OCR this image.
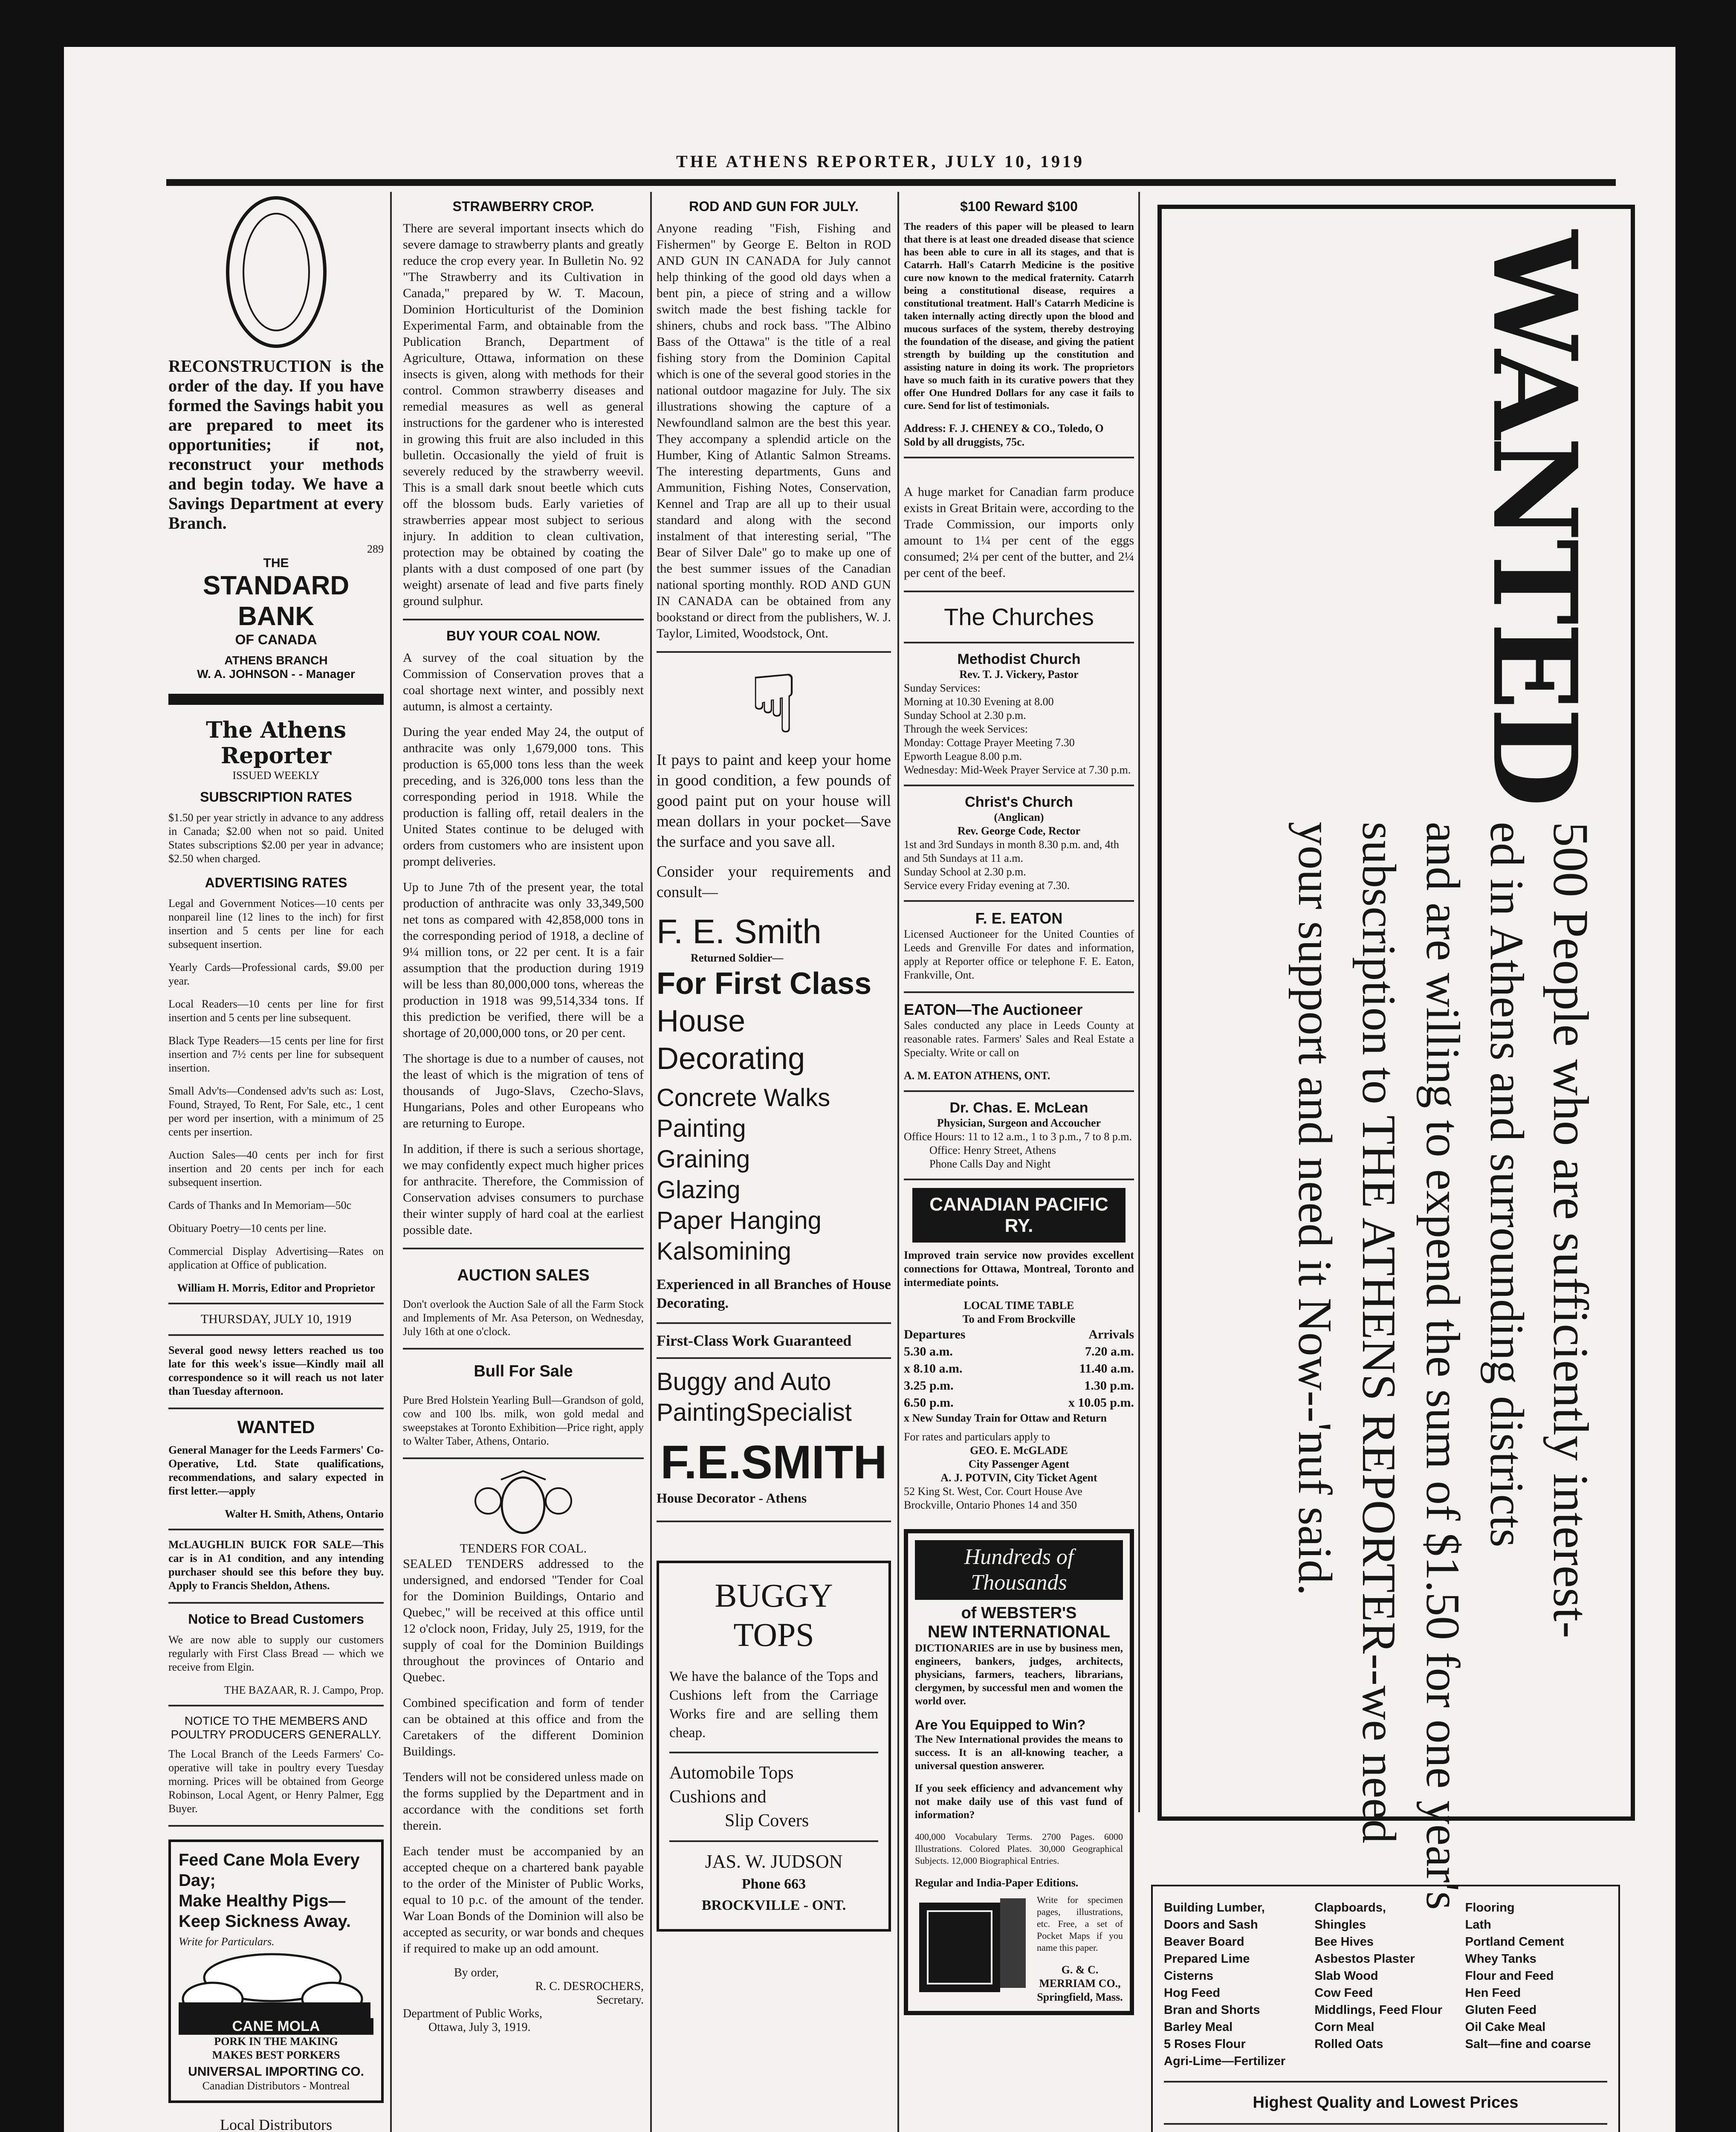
THE ATHENS REPORTER, JULY 10, 1919

RECONSTRUCTION is the order of the day. If you have formed the Savings habit you are prepared to meet its opportunities; if not, reconstruct your methods and begin today. We have a Savings Department at every Branch.

289
THE
STANDARD BANK
OF CANADA
ATHENS BRANCH
W. A. JOHNSON - - Manager
The Athens Reporter
ISSUED WEEKLY
SUBSCRIPTION RATES

$1.50 per year strictly in advance to any address in Canada; $2.00 when not so paid. United States subscriptions $2.00 per year in advance; $2.50 when charged.

ADVERTISING RATES

Legal and Government Notices—10 cents per nonpareil line (12 lines to the inch) for first insertion and 5 cents per line for each subsequent insertion.

Yearly Cards—Professional cards, $9.00 per year.

Local Readers—10 cents per line for first insertion and 5 cents per line subsequent.

Black Type Readers—15 cents per line for first insertion and 7½ cents per line for subsequent insertion.

Small Adv'ts—Condensed adv'ts such as: Lost, Found, Strayed, To Rent, For Sale, etc., 1 cent per word per insertion, with a minimum of 25 cents per insertion.

Auction Sales—40 cents per inch for first insertion and 20 cents per inch for each subsequent insertion.

Cards of Thanks and In Memoriam—50c

Obituary Poetry—10 cents per line.

Commercial Display Advertising—Rates on application at Office of publication.

William H. Morris, Editor and Proprietor
THURSDAY, JULY 10, 1919

Several good newsy letters reached us too late for this week's issue—Kindly mail all correspondence so it will reach us not later than Tuesday afternoon.

WANTED

General Manager for the Leeds Farmers' Co-Operative, Ltd. State qualifications, recommendations, and salary expected in first letter.—apply

Walter H. Smith, Athens, Ontario

McLAUGHLIN BUICK FOR SALE—This car is in A1 condition, and any intending purchaser should see this before they buy. Apply to Francis Sheldon, Athens.

Notice to Bread Customers

We are now able to supply our customers regularly with First Class Bread — which we receive from Elgin.

THE BAZAAR, R. J. Campo, Prop.
NOTICE TO THE MEMBERS AND POULTRY PRODUCERS GENERALLY.

The Local Branch of the Leeds Farmers' Co-operative will take in poultry every Tuesday morning. Prices will be obtained from George Robinson, Local Agent, or Henry Palmer, Egg Buyer.

Feed Cane Mola Every Day;
Make Healthy Pigs—
Keep Sickness Away.
Write for Particulars.
CANE MOLA
PORK IN THE MAKING
MAKES BEST PORKERS
UNIVERSAL IMPORTING CO.
Canadian Distributors - Montreal
Local Distributors
STRAWBERRY CROP.

There are several important insects which do severe damage to strawberry plants and greatly reduce the crop every year. In Bulletin No. 92 "The Strawberry and its Cultivation in Canada," prepared by W. T. Macoun, Dominion Horticulturist of the Dominion Experimental Farm, and obtainable from the Publication Branch, Department of Agriculture, Ottawa, information on these insects is given, along with methods for their control. Common strawberry diseases and remedial measures as well as general instructions for the gardener who is interested in growing this fruit are also included in this bulletin. Occasionally the yield of fruit is severely reduced by the strawberry weevil. This is a small dark snout beetle which cuts off the blossom buds. Early varieties of strawberries appear most subject to serious injury. In addition to clean cultivation, protection may be obtained by coating the plants with a dust composed of one part (by weight) arsenate of lead and five parts finely ground sulphur.

BUY YOUR COAL NOW.

A survey of the coal situation by the Commission of Conservation proves that a coal shortage next winter, and possibly next autumn, is almost a certainty.

During the year ended May 24, the output of anthracite was only 1,679,000 tons. This production is 65,000 tons less than the week preceding, and is 326,000 tons less than the corresponding period in 1918. While the production is falling off, retail dealers in the United States continue to be deluged with orders from customers who are insistent upon prompt deliveries.

Up to June 7th of the present year, the total production of anthracite was only 33,349,500 net tons as compared with 42,858,000 tons in the corresponding period of 1918, a decline of 9¼ million tons, or 22 per cent. It is a fair assumption that the production during 1919 will be less than 80,000,000 tons, whereas the production in 1918 was 99,514,334 tons. If this prediction be verified, there will be a shortage of 20,000,000 tons, or 20 per cent.

The shortage is due to a number of causes, not the least of which is the migration of tens of thousands of Jugo-Slavs, Czecho-Slavs, Hungarians, Poles and other Europeans who are returning to Europe.

In addition, if there is such a serious shortage, we may confidently expect much higher prices for anthracite. Therefore, the Commission of Conservation advises consumers to purchase their winter supply of hard coal at the earliest possible date.

AUCTION SALES

Don't overlook the Auction Sale of all the Farm Stock and Implements of Mr. Asa Peterson, on Wednesday, July 16th at one o'clock.

Bull For Sale

Pure Bred Holstein Yearling Bull—Grandson of gold, cow and 100 lbs. milk, won gold medal and sweepstakes at Toronto Exhibition—Price right, apply to Walter Taber, Athens, Ontario.

TENDERS FOR COAL.

SEALED TENDERS addressed to the undersigned, and endorsed "Tender for Coal for the Dominion Buildings, Ontario and Quebec," will be received at this office until 12 o'clock noon, Friday, July 25, 1919, for the supply of coal for the Dominion Buildings throughout the provinces of Ontario and Quebec.

Combined specification and form of tender can be obtained at this office and from the Caretakers of the different Dominion Buildings.

Tenders will not be considered unless made on the forms supplied by the Department and in accordance with the conditions set forth therein.

Each tender must be accompanied by an accepted cheque on a chartered bank payable to the order of the Minister of Public Works, equal to 10 p.c. of the amount of the tender. War Loan Bonds of the Dominion will also be accepted as security, or war bonds and cheques if required to make up an odd amount.

By order,
R. C. DESROCHERS,
Secretary.
Department of Public Works,
Ottawa, July 3, 1919.
ROD AND GUN FOR JULY.

Anyone reading "Fish, Fishing and Fishermen" by George E. Belton in ROD AND GUN IN CANADA for July cannot help thinking of the good old days when a bent pin, a piece of string and a willow switch made the best fishing tackle for shiners, chubs and rock bass. "The Albino Bass of the Ottawa" is the title of a real fishing story from the Dominion Capital which is one of the several good stories in the national outdoor magazine for July. The six illustrations showing the capture of a Newfoundland salmon are the best this year. They accompany a splendid article on the Humber, King of Atlantic Salmon Streams. The interesting departments, Guns and Ammunition, Fishing Notes, Conservation, Kennel and Trap are all up to their usual standard and along with the second instalment of that interesting serial, "The Bear of Silver Dale" go to make up one of the best summer issues of the Canadian national sporting monthly. ROD AND GUN IN CANADA can be obtained from any bookstand or direct from the publishers, W. J. Taylor, Limited, Woodstock, Ont.

☟

It pays to paint and keep your home in good condition, a few pounds of good paint put on your house will mean dollars in your pocket—Save the surface and you save all.

Consider your requirements and consult—

F. E. Smith
Returned Soldier—
For First Class
House
Decorating
Concrete Walks
Painting
Graining
Glazing
Paper Hanging
Kalsomining

Experienced in all Branches of House Decorating.

First-Class Work Guaranteed
Buggy and Auto
PaintingSpecialist
F.E.SMITH
House Decorator - Athens
BUGGY
TOPS

We have the balance of the Tops and Cushions left from the Carriage Works fire and are selling them cheap.

Automobile Tops
Cushions and
Slip Covers
JAS. W. JUDSON
Phone 663
BROCKVILLE - ONT.
$100 Reward $100

The readers of this paper will be pleased to learn that there is at least one dreaded disease that science has been able to cure in all its stages, and that is Catarrh. Hall's Catarrh Medicine is the positive cure now known to the medical fraternity. Catarrh being a constitutional disease, requires a constitutional treatment. Hall's Catarrh Medicine is taken internally acting directly upon the blood and mucous surfaces of the system, thereby destroying the foundation of the disease, and giving the patient strength by building up the constitution and assisting nature in doing its work. The proprietors have so much faith in its curative powers that they offer One Hundred Dollars for any case it fails to cure. Send for list of testimonials.

Address: F. J. CHENEY & CO., Toledo, O
Sold by all druggists, 75c.

A huge market for Canadian farm produce exists in Great Britain were, according to the Trade Commission, our imports only amount to 1¼ per cent of the eggs consumed; 2¼ per cent of the butter, and 2¼ per cent of the beef.

The Churches
Methodist Church
Rev. T. J. Vickery, Pastor
Sunday Services:
Morning at 10.30 Evening at 8.00
Sunday School at 2.30 p.m.
Through the week Services:
Monday: Cottage Prayer Meeting 7.30
Epworth League 8.00 p.m.
Wednesday: Mid-Week Prayer Service at 7.30 p.m.
Christ's Church
(Anglican)
Rev. George Code, Rector
1st and 3rd Sundays in month 8.30 p.m. and, 4th and 5th Sundays at 11 a.m.
Sunday School at 2.30 p.m.
Service every Friday evening at 7.30.
F. E. EATON

Licensed Auctioneer for the United Counties of Leeds and Grenville For dates and information, apply at Reporter office or telephone F. E. Eaton, Frankville, Ont.

EATON—The Auctioneer

Sales conducted any place in Leeds County at reasonable rates. Farmers' Sales and Real Estate a Specialty. Write or call on

A. M. EATON ATHENS, ONT.
Dr. Chas. E. McLean
Physician, Surgeon and Accoucher
Office Hours: 11 to 12 a.m., 1 to 3 p.m., 7 to 8 p.m.
Office: Henry Street, Athens
Phone Calls Day and Night
CANADIAN PACIFIC RY.

Improved train service now provides excellent connections for Ottawa, Montreal, Toronto and intermediate points.

LOCAL TIME TABLE
To and From Brockville
Departures	Arrivals
5.30 a.m.	7.20 a.m.
x 8.10 a.m.	11.40 a.m.
3.25 p.m.	1.30 p.m.
6.50 p.m.	x 10.05 p.m.
x New Sunday Train for Ottaw and Return
For rates and particulars apply to
GEO. E. McGLADE
City Passenger Agent
A. J. POTVIN, City Ticket Agent
52 King St. West, Cor. Court House Ave
Brockville, Ontario Phones 14 and 350
Hundreds of Thousands
of WEBSTER'S
NEW INTERNATIONAL

DICTIONARIES are in use by business men, engineers, bankers, judges, architects, physicians, farmers, teachers, librarians, clergymen, by successful men and women the world over.

Are You Equipped to Win?

The New International provides the means to success. It is an all-knowing teacher, a universal question answerer.

If you seek efficiency and advancement why not make daily use of this vast fund of information?

400,000 Vocabulary Terms. 2700 Pages. 6000 Illustrations. Colored Plates. 30,000 Geographical Subjects. 12,000 Biographical Entries.

Regular and India-Paper Editions.

Write for specimen pages, illustrations, etc. Free, a set of Pocket Maps if you name this paper.

G. & C. MERRIAM CO., Springfield, Mass.
WANTED
500 People who are sufficiently interest-
ed in Athens and surrounding districts
and are willing to expend the sum of $1.50 for one year's
subscription to THE ATHENS REPORTER--we need
your support and need it Now--'nuf said.
Building Lumber,
Doors and Sash
Beaver Board
Prepared Lime
Cisterns
Hog Feed
Bran and Shorts
Barley Meal
5 Roses Flour
Agri-Lime—Fertilizer
Clapboards,
Shingles
Bee Hives
Asbestos Plaster
Slab Wood
Cow Feed
Middlings, Feed Flour
Corn Meal
Rolled Oats
Flooring
Lath
Portland Cement
Whey Tanks
Flour and Feed
Hen Feed
Gluten Feed
Oil Cake Meal
Salt—fine and coarse
Highest Quality and Lowest Prices
